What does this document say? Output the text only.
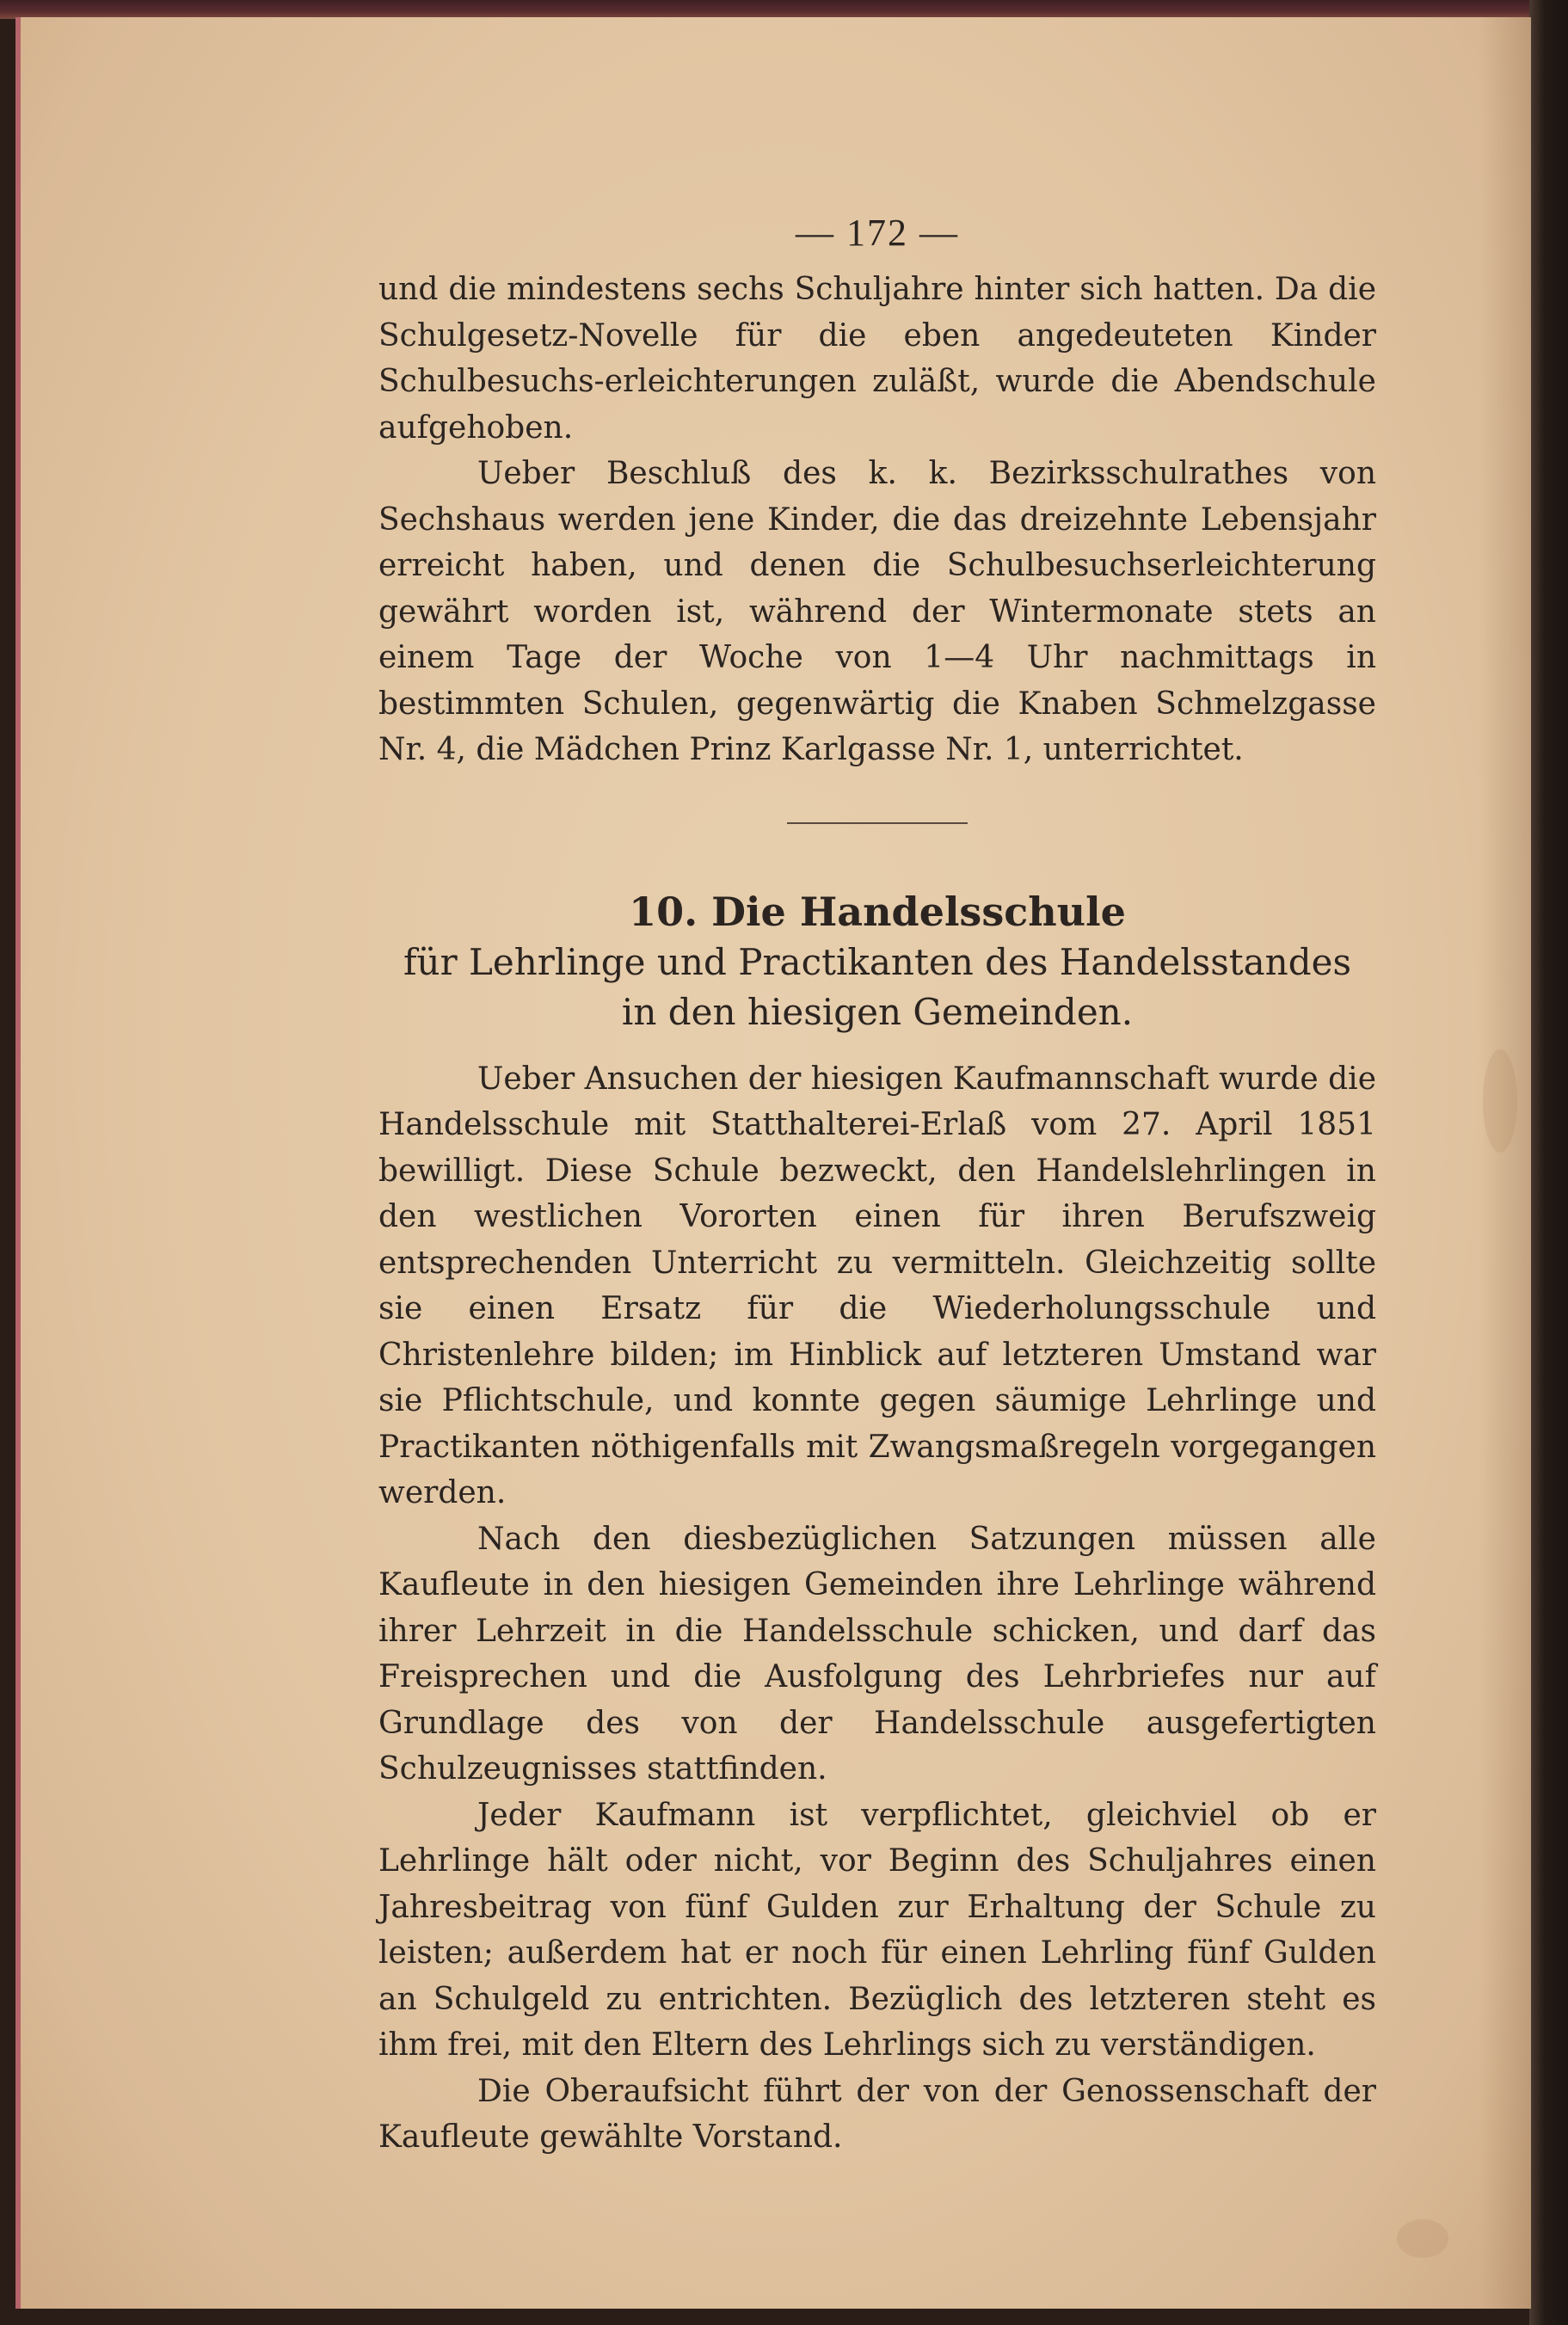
— 172 —

und die mindestens sechs Schuljahre hinter sich hatten. Da die Schulgesetz-Novelle für die eben angedeuteten Kinder Schulbesuchs-erleichterungen zuläßt, wurde die Abendschule aufgehoben.

Ueber Beschluß des k. k. Bezirksschulrathes von Sechshaus werden jene Kinder, die das dreizehnte Lebensjahr erreicht haben, und denen die Schulbesuchserleichterung gewährt worden ist, während der Wintermonate stets an einem Tage der Woche von 1—4 Uhr nachmittags in bestimmten Schulen, gegenwärtig die Knaben Schmelzgasse Nr. 4, die Mädchen Prinz Karlgasse Nr. 1, unterrichtet.

10. Die Handelsschule

für Lehrlinge und Practikanten des Handelsstandes

in den hiesigen Gemeinden.

Ueber Ansuchen der hiesigen Kaufmannschaft wurde die Handelsschule mit Statthalterei-Erlaß vom 27. April 1851 bewilligt. Diese Schule bezweckt, den Handelslehrlingen in den westlichen Vororten einen für ihren Berufszweig entsprechenden Unterricht zu vermitteln. Gleichzeitig sollte sie einen Ersatz für die Wiederholungsschule und Christenlehre bilden; im Hinblick auf letzteren Umstand war sie Pflichtschule, und konnte gegen säumige Lehrlinge und Practikanten nöthigenfalls mit Zwangsmaßregeln vorgegangen werden.

Nach den diesbezüglichen Satzungen müssen alle Kaufleute in den hiesigen Gemeinden ihre Lehrlinge während ihrer Lehrzeit in die Handelsschule schicken, und darf das Freisprechen und die Ausfolgung des Lehrbriefes nur auf Grundlage des von der Handelsschule ausgefertigten Schulzeugnisses stattfinden.

Jeder Kaufmann ist verpflichtet, gleichviel ob er Lehrlinge hält oder nicht, vor Beginn des Schuljahres einen Jahresbeitrag von fünf Gulden zur Erhaltung der Schule zu leisten; außerdem hat er noch für einen Lehrling fünf Gulden an Schulgeld zu entrichten. Bezüglich des letzteren steht es ihm frei, mit den Eltern des Lehrlings sich zu verständigen.

Die Oberaufsicht führt der von der Genossenschaft der Kaufleute gewählte Vorstand.
